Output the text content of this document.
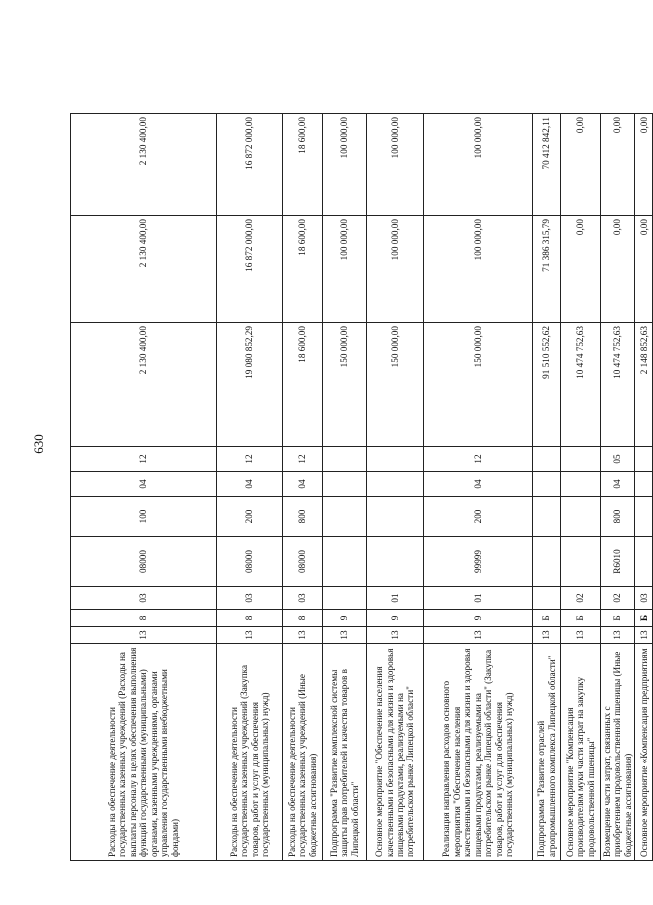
630
Расходы на обеспечение деятельности государственных казенных учреждений (Расходы на выплаты персоналу в целях обеспечения выполнения функций государственными (муниципальными) органами, казенными учреждениями, органами управления государственными внебюджетными фондами)	13	8	03	08000	100	04	12	2 130 400,00	2 130 400,00	2 130 400,00
Расходы на обеспечение деятельности государственных казенных учреждений (Закупка товаров, работ и услуг для обеспечения государственных (муниципальных) нужд)	13	8	03	08000	200	04	12	19 080 852,29	16 872 000,00	16 872 000,00
Расходы на обеспечение деятельности государственных казенных учреждений (Иные бюджетные ассигнования)	13	8	03	08000	800	04	12	18 600,00	18 600,00	18 600,00
Подпрограмма "Развитие комплексной системы защиты прав потребителей и качества товаров в Липецкой области"	13	9						150 000,00	100 000,00	100 000,00
Основное мероприятие "Обеспечение населения качественными и безопасными для жизни и здоровья пищевыми продуктами, реализуемыми на потребительском рынке Липецкой области"	13	9	01					150 000,00	100 000,00	100 000,00
Реализация направления расходов основного мероприятия "Обеспечение населения качественными и безопасными для жизни и здоровья пищевыми продуктами, реализуемыми на потребительском рынке Липецкой области" (Закупка товаров, работ и услуг для обеспечения государственных (муниципальных) нужд)	13	9	01	99999	200	04	12	150 000,00	100 000,00	100 000,00
Подпрограмма "Развитие отраслей агропромышленного комплекса Липецкой области"	13	Б						91 510 552,62	71 386 315,79	70 412 842,11
Основное мероприятие "Компенсация производителям муки части затрат на закупку продовольственной пшеницы"	13	Б	02					10 474 752,63	0,00	0,00
Возмещение части затрат, связанных с приобретением продовольственной пшеницы (Иные бюджетные ассигнования)	13	Б	02	R6010	800	04	05	10 474 752,63	0,00	0,00
Основное мероприятие «Компенсация предприятиям	13	Б	03					2 148 852,63	0,00	0,00
